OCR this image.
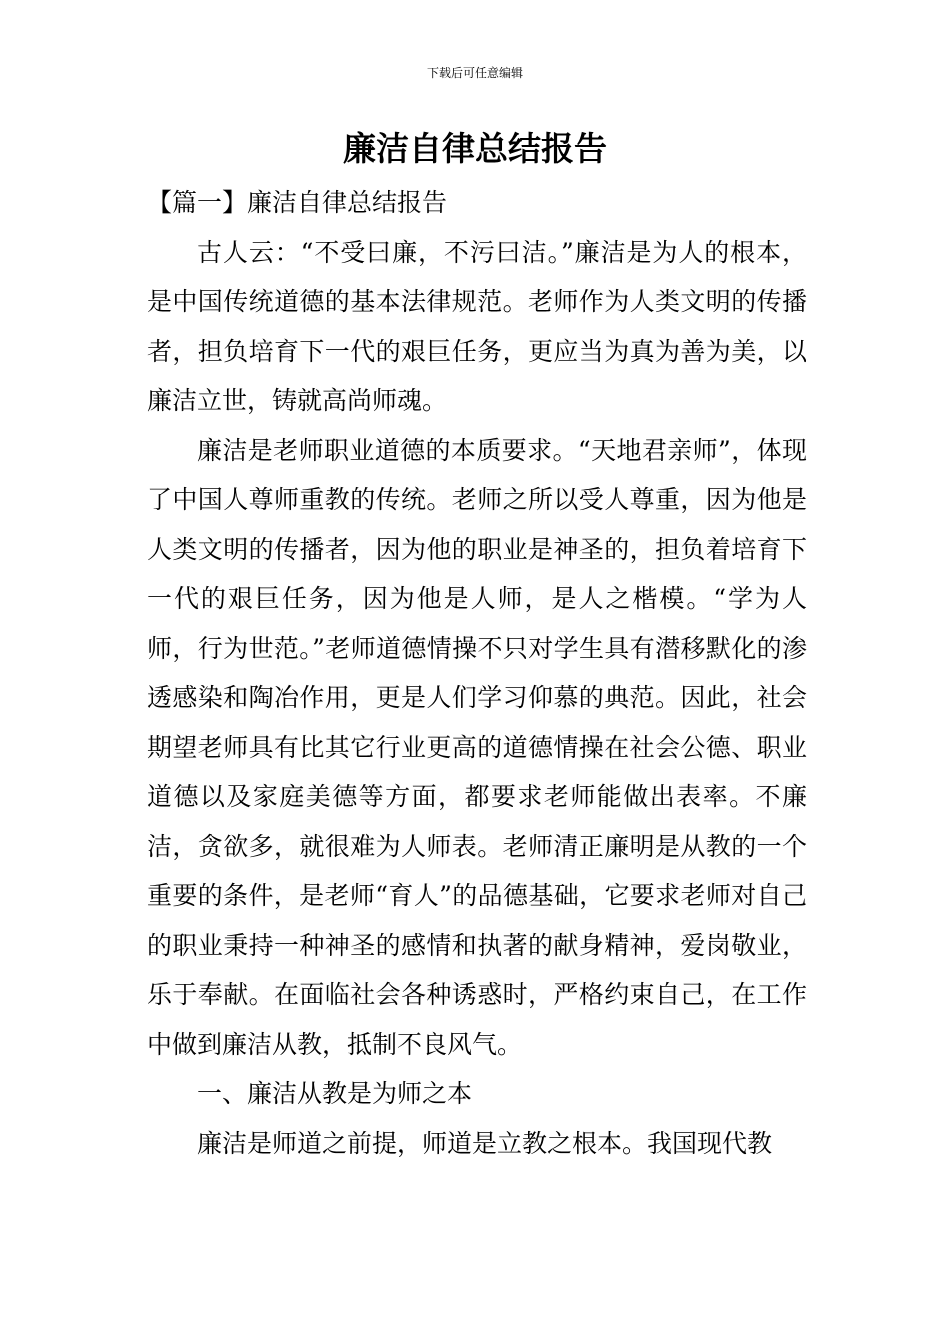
下载后可任意编辑
廉洁自律总结报告

【篇一】廉洁自律总结报告

古人云：“不受曰廉，不污曰洁。”廉洁是为人的根本，是中国传统道德的基本法律规范。老师作为人类文明的传播者，担负培育下一代的艰巨任务，更应当为真为善为美，以廉洁立世，铸就高尚师魂。

廉洁是老师职业道德的本质要求。“天地君亲师”，体现了中国人尊师重教的传统。老师之所以受人尊重，因为他是人类文明的传播者，因为他的职业是神圣的，担负着培育下一代的艰巨任务，因为他是人师，是人之楷模。“学为人师，行为世范。”老师道德情操不只对学生具有潜移默化的渗透感染和陶冶作用，更是人们学习仰慕的典范。因此，社会期望老师具有比其它行业更高的道德情操在社会公德、职业道德以及家庭美德等方面，都要求老师能做出表率。不廉洁，贪欲多，就很难为人师表。老师清正廉明是从教的一个重要的条件，是老师“育人”的品德基础，它要求老师对自己的职业秉持一种神圣的感情和执著的献身精神，爱岗敬业，乐于奉献。在面临社会各种诱惑时，严格约束自己，在工作中做到廉洁从教，抵制不良风气。

一、廉洁从教是为师之本

廉洁是师道之前提，师道是立教之根本。我国现代教
